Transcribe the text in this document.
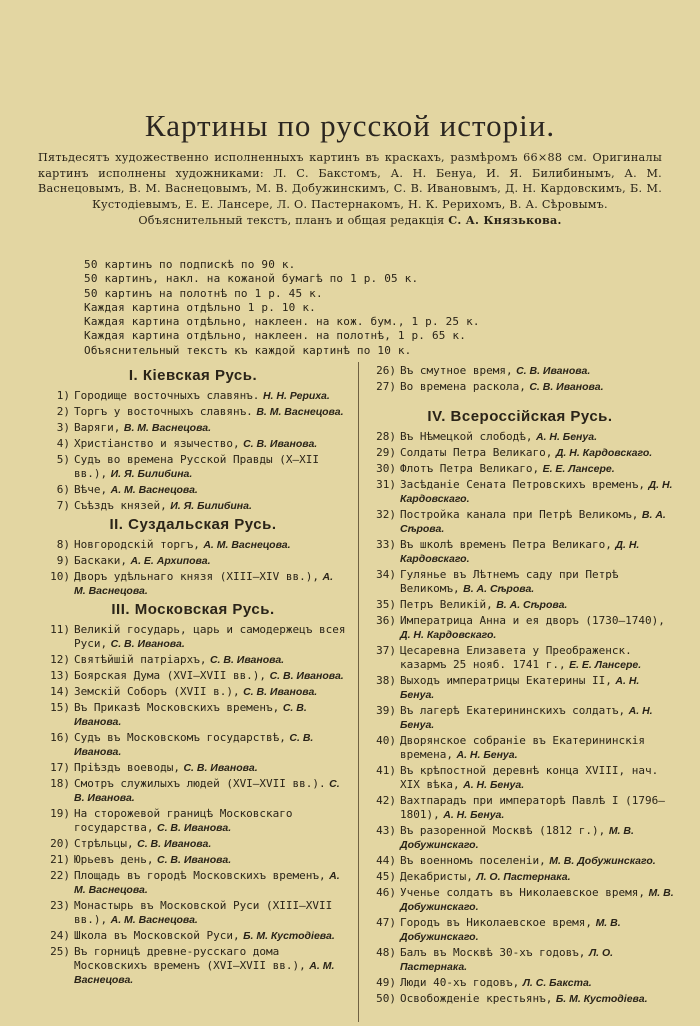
Картины по русской исторiи.

Пятьдесятъ художественно исполненныхъ картинъ въ краскахъ, размѣромъ 66×88 см. Оригиналы картинъ исполнены художниками: Л. С. Бакстомъ, А. Н. Бенуа, И. Я. Билибинымъ, А. М. Васнецовымъ, В. М. Васнецовымъ, М. В. Добужинскимъ, С. В. Ивановымъ, Д. Н. Кардовскимъ, Б. М. Кустодiевымъ, Е. Е. Лансере, Л. О. Пастернакомъ, Н. К. Рерихомъ, В. А. Сѣровымъ.

Объяснительный текстъ, планъ и общая редакцiя С. А. Князькова.

50 картинъ по подпискѣ по 90 к.
50 картинъ, накл. на кожаной бумагѣ по 1 р. 05 к.
50 картинъ на полотнѣ по 1 р. 45 к.
Каждая картина отдѣльно 1 р. 10 к.
Каждая картина отдѣльно, наклеен. на кож. бум., 1 р. 25 к.
Каждая картина отдѣльно, наклеен. на полотнѣ, 1 р. 65 к.
Объяснительный текстъ къ каждой картинѣ по 10 к.
I. Кіевская Русь.
1) Городище восточныхъ славянъ. Н. Н. Рериха.
2) Торгъ у восточныхъ славянъ. В. М. Васнецова.
3) Варяги, В. М. Васнецова.
4) Христіанство и язычество, С. В. Иванова.
5) Судъ во времена Русской Правды (X—XII вв.), И. Я. Билибина.
6) Вѣче, А. М. Васнецова.
7) Съѣздъ князей, И. Я. Билибина.
II. Суздальская Русь.
8) Новгородскій торгъ, А. М. Васнецова.
9) Баскаки, А. Е. Архипова.
10) Дворъ удѣльнаго князя (XIII—XIV вв.), А. М. Васнецова.
III. Московская Русь.
11) Великій государь, царь и самодержецъ всея Руси, С. В. Иванова.
12) Святѣйшій патріархъ, С. В. Иванова.
13) Боярская Дума (XVI—XVII вв.), С. В. Иванова.
14) Земскій Соборъ (XVII в.), С. В. Иванова.
15) Въ Приказѣ Московскихъ временъ, С. В. Иванова.
16) Судъ въ Московскомъ государствѣ, С. В. Иванова.
17) Пріѣздъ воеводы, С. В. Иванова.
18) Смотръ служилыхъ людей (XVI—XVII вв.). С. В. Иванова.
19) На сторожевой границѣ Московскаго государства, С. В. Иванова.
20) Стрѣльцы, С. В. Иванова.
21) Юрьевъ день, С. В. Иванова.
22) Площадь въ городѣ Московскихъ временъ, А. М. Васнецова.
23) Монастырь въ Московской Руси (XIII—XVII вв.), А. М. Васнецова.
24) Школа въ Московской Руси, Б. М. Кустодіева.
25) Въ горницѣ древне-русскаго дома Московскихъ временъ (XVI—XVII вв.), А. М. Васнецова.
26) Въ смутное время, С. В. Иванова.
27) Во времена раскола, С. В. Иванова.
IV. Всероссійская Русь.
28) Въ Нѣмецкой слободѣ, А. Н. Бенуа.
29) Солдаты Петра Великаго, Д. Н. Кардовскаго.
30) Флотъ Петра Великаго, Е. Е. Лансере.
31) Засѣданіе Сената Петровскихъ временъ, Д. Н. Кардовскаго.
32) Постройка канала при Петрѣ Великомъ, В. А. Сѣрова.
33) Въ школѣ временъ Петра Великаго, Д. Н. Кардовскаго.
34) Гулянье въ Лѣтнемъ саду при Петрѣ Великомъ, В. А. Сѣрова.
35) Петръ Великій, В. А. Сѣрова.
36) Императрица Анна и ея дворъ (1730—1740), Д. Н. Кардовскаго.
37) Цесаревна Елизавета у Преображенск. казармъ 25 нояб. 1741 г., Е. Е. Лансере.
38) Выходъ императрицы Екатерины II, А. Н. Бенуа.
39) Въ лагерѣ Екатерининскихъ солдатъ, А. Н. Бенуа.
40) Дворянское собраніе въ Екатерининскія времена, А. Н. Бенуа.
41) Въ крѣпостной деревнѣ конца XVIII, нач. XIX вѣка, А. Н. Бенуа.
42) Вахтпарадъ при императорѣ Павлѣ I (1796—1801), А. Н. Бенуа.
43) Въ разоренной Москвѣ (1812 г.), М. В. Добужинскаго.
44) Въ военномъ поселеніи, М. В. Добужинскаго.
45) Декабристы, Л. О. Пастернака.
46) Ученье солдатъ въ Николаевское время, М. В. Добужинскаго.
47) Городъ въ Николаевское время, М. В. Добужинскаго.
48) Балъ въ Москвѣ 30-хъ годовъ, Л. О. Пастернака.
49) Люди 40-хъ годовъ, Л. С. Бакста.
50) Освобожденіе крестьянъ, Б. М. Кустодіева.
